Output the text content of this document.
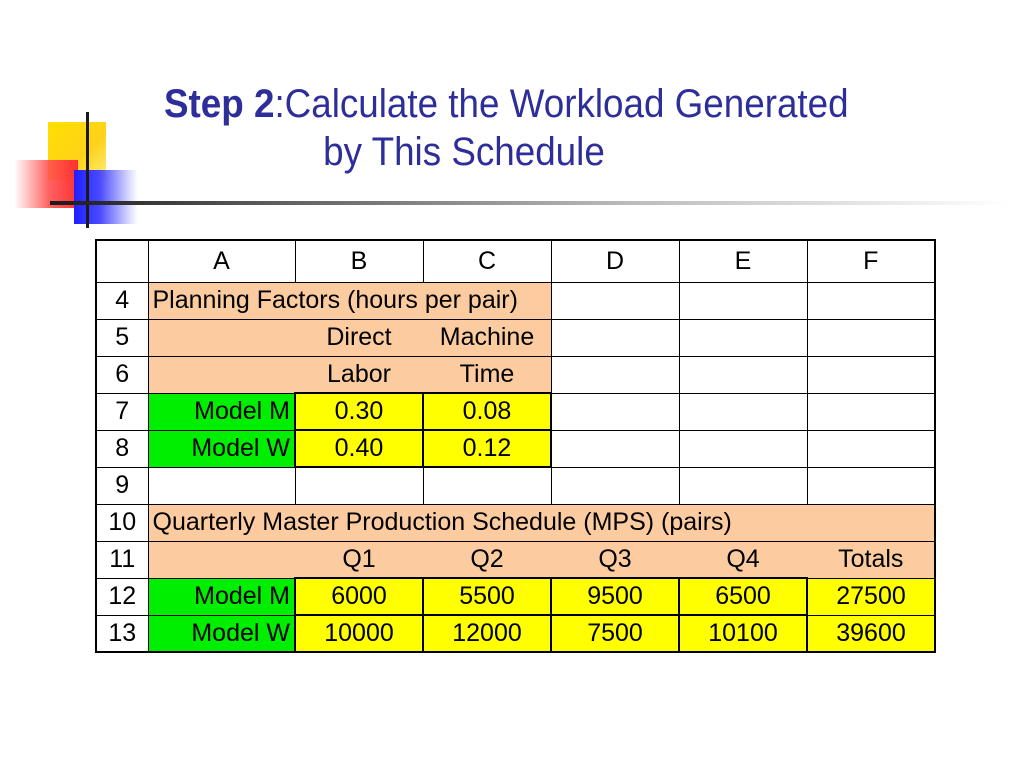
Step 2:Calculate the Workload Generated
by This Schedule
	A	B	C	D	E	F
4	Planning Factors (hours per pair)					
5		Direct	Machine			
6		Labor	Time			
7	Model M	0.30	0.08			
8	Model W	0.40	0.12			
9						
10	Quarterly Master Production Schedule (MPS) (pairs)					
11		Q1	Q2	Q3	Q4	Totals
12	Model M	6000	5500	9500	6500	27500
13	Model W	10000	12000	7500	10100	39600
